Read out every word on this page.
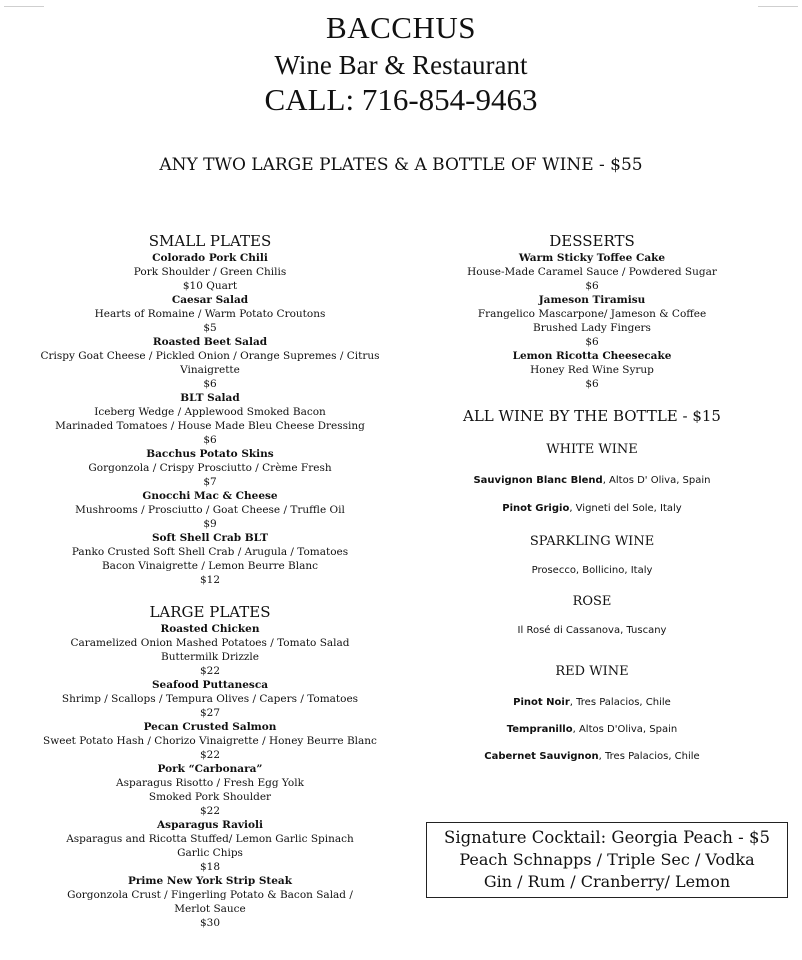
BACCHUS
Wine Bar & Restaurant
CALL: 716-854-9463
ANY TWO LARGE PLATES & A BOTTLE OF WINE - $55
SMALL PLATES
Colorado Pork Chili
Pork Shoulder / Green Chilis
$10 Quart
Caesar Salad
Hearts of Romaine / Warm Potato Croutons
$5
Roasted Beet Salad
Crispy Goat Cheese / Pickled Onion / Orange Supremes / Citrus
Vinaigrette
$6
BLT Salad
Iceberg Wedge / Applewood Smoked Bacon
Marinaded Tomatoes / House Made Bleu Cheese Dressing
$6
Bacchus Potato Skins
Gorgonzola / Crispy Prosciutto / Crème Fresh
$7
Gnocchi Mac & Cheese
Mushrooms / Prosciutto / Goat Cheese / Truffle Oil
$9
Soft Shell Crab BLT
Panko Crusted Soft Shell Crab / Arugula / Tomatoes
Bacon Vinaigrette / Lemon Beurre Blanc
$12
LARGE PLATES
Roasted Chicken
Caramelized Onion Mashed Potatoes / Tomato Salad
Buttermilk Drizzle
$22
Seafood Puttanesca
Shrimp / Scallops / Tempura Olives / Capers / Tomatoes
$27
Pecan Crusted Salmon
Sweet Potato Hash / Chorizo Vinaigrette / Honey Beurre Blanc
$22
Pork “Carbonara”
Asparagus Risotto / Fresh Egg Yolk
Smoked Pork Shoulder
$22
Asparagus Ravioli
Asparagus and Ricotta Stuffed/ Lemon Garlic Spinach
Garlic Chips
$18
Prime New York Strip Steak
Gorgonzola Crust / Fingerling Potato & Bacon Salad /
Merlot Sauce
$30
DESSERTS
Warm Sticky Toffee Cake
House-Made Caramel Sauce / Powdered Sugar
$6
Jameson Tiramisu
Frangelico Mascarpone/ Jameson & Coffee
Brushed Lady Fingers
$6
Lemon Ricotta Cheesecake
Honey Red Wine Syrup
$6
ALL WINE BY THE BOTTLE - $15
WHITE WINE
Sauvignon Blanc Blend, Altos D' Oliva, Spain
Pinot Grigio, Vigneti del Sole, Italy
SPARKLING WINE
Prosecco, Bollicino, Italy
ROSE
Il Rosé di Cassanova, Tuscany
RED WINE
Pinot Noir, Tres Palacios, Chile
Tempranillo, Altos D'Oliva, Spain
Cabernet Sauvignon, Tres Palacios, Chile
Signature Cocktail: Georgia Peach - $5
Peach Schnapps / Triple Sec / Vodka
Gin / Rum / Cranberry/ Lemon
